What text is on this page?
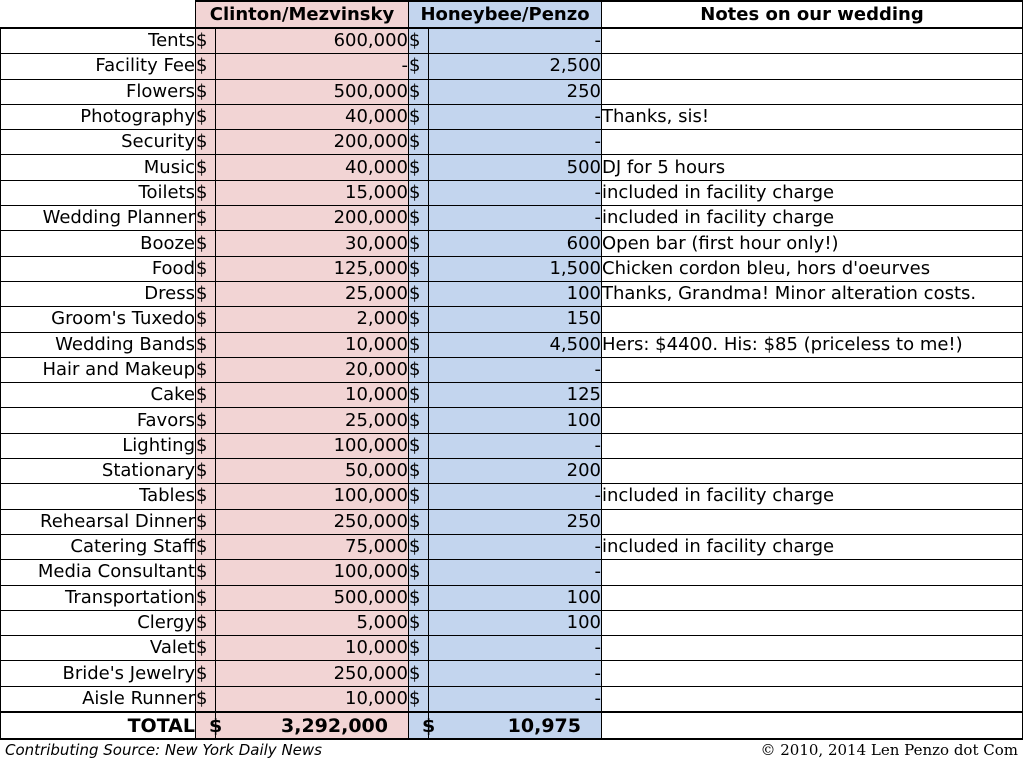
	Clinton/Mezvinsky		Honeybee/Penzo		Notes on our wedding
Tents	$	600,000	$	-	
Facility Fee	$	-	$	2,500	
Flowers	$	500,000	$	250	
Photography	$	40,000	$	-	Thanks, sis!
Security	$	200,000	$	-	
Music	$	40,000	$	500	DJ for 5 hours
Toilets	$	15,000	$	-	included in facility charge
Wedding Planner	$	200,000	$	-	included in facility charge
Booze	$	30,000	$	600	Open bar (first hour only!)
Food	$	125,000	$	1,500	Chicken cordon bleu, hors d'oeurves
Dress	$	25,000	$	100	Thanks, Grandma! Minor alteration costs.
Groom's Tuxedo	$	2,000	$	150	
Wedding Bands	$	10,000	$	4,500	Hers: $4400. His: $85 (priceless to me!)
Hair and Makeup	$	20,000	$	-	
Cake	$	10,000	$	125	
Favors	$	25,000	$	100	
Lighting	$	100,000	$	-	
Stationary	$	50,000	$	200	
Tables	$	100,000	$	-	included in facility charge
Rehearsal Dinner	$	250,000	$	250	
Catering Staff	$	75,000	$	-	included in facility charge
Media Consultant	$	100,000	$	-	
Transportation	$	500,000	$	100	
Clergy	$	5,000	$	100	
Valet	$	10,000	$	-	
Bride's Jewelry	$	250,000	$	-	
Aisle Runner	$	10,000	$	-	
TOTAL	$	3,292,000	$	10,975	
Contributing Source: New York Daily News	© 2010, 2014 Len Penzo dot Com
